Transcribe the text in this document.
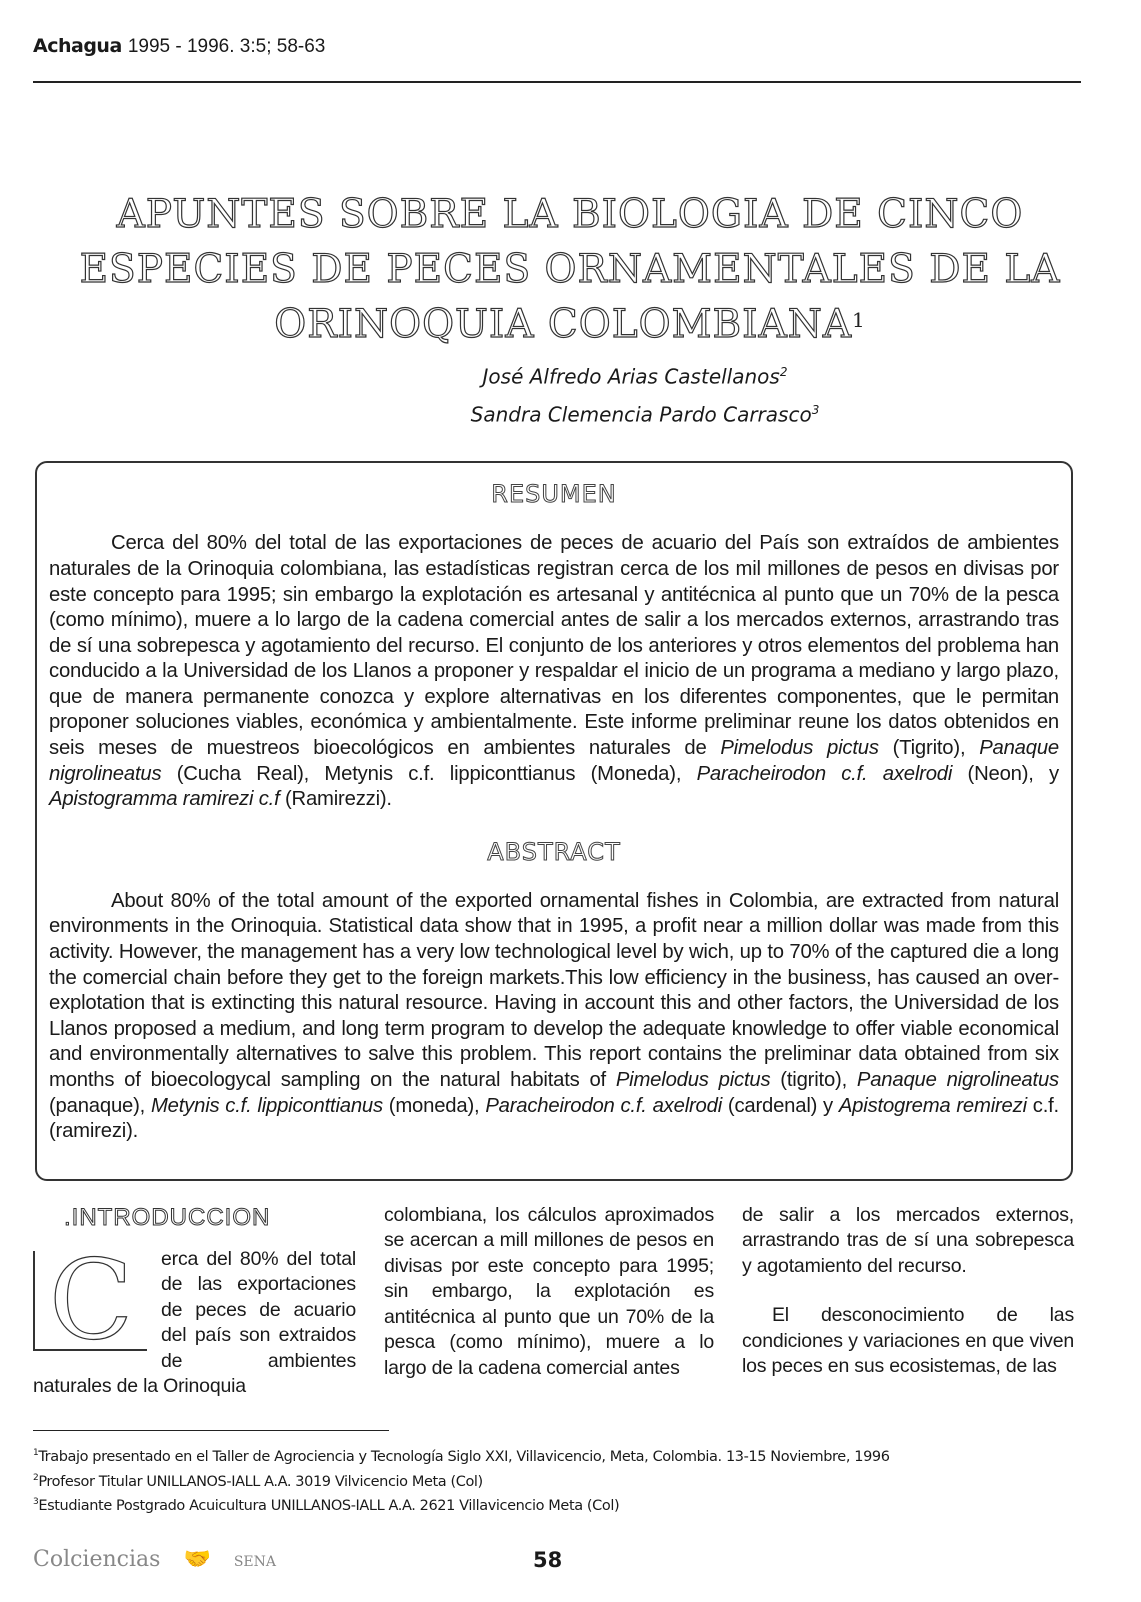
Achagua 1995 - 1996. 3:5; 58-63
APUNTES SOBRE LA BIOLOGIA DE CINCO
ESPECIES DE PECES ORNAMENTALES DE LA
ORINOQUIA COLOMBIANA$^1$
José Alfredo Arias Castellanos$^2$
Sandra Clemencia Pardo Carrasco$^3$
RESUMEN
Cerca del 80% del total de las exportaciones de peces de acuario del País son extraídos de ambientes naturales de la Orinoquia colombiana, las estadísticas registran cerca de los mil millones de pesos en divisas por este concepto para 1995; sin embargo la explotación es artesanal y antitécnica al punto que un 70% de la pesca (como mínimo), muere a lo largo de la cadena comercial antes de salir a los mercados externos, arrastrando tras de sí una sobrepesca y agotamiento del recurso. El conjunto de los anteriores y otros elementos del problema han conducido a la Universidad de los Llanos a proponer y respaldar el inicio de un programa a mediano y largo plazo, que de manera permanente conozca y explore alternativas en los diferentes componentes, que le permitan proponer soluciones viables, económica y ambientalmente. Este informe preliminar reune los datos obtenidos en seis meses de muestreos bioecológicos en ambientes naturales de Pimelodus pictus (Tigrito), Panaque nigrolineatus (Cucha Real), Metynis c.f. lippiconttianus (Moneda), Paracheirodon c.f. axelrodi (Neon), y Apistogramma ramirezi c.f (Ramirezzi).
ABSTRACT
About 80% of the total amount of the exported ornamental fishes in Colombia, are extracted from natural environments in the Orinoquia. Statistical data show that in 1995, a profit near a million dollar was made from this activity. However, the management has a very low technological level by wich, up to 70% of the captured die a long the comercial chain before they get to the foreign markets.This low efficiency in the business, has caused an over-explotation that is extincting this natural resource. Having in account this and other factors, the Universidad de los Llanos proposed a medium, and long term program to develop the adequate knowledge to offer viable economical and environmentally alternatives to salve this problem. This report contains the preliminar data obtained from six months of bioecologycal sampling on the natural habitats of Pimelodus pictus (tigrito), Panaque nigrolineatus (panaque), Metynis c.f. lippiconttianus (moneda), Paracheirodon c.f. axelrodi (cardenal) y Apistogrema remirezi c.f. (ramirezi).
.INTRODUCCION
C erca del 80% del total de las exportaciones de peces de acuario del país son extraidos de	ambientes naturales de la Orinoquia
colombiana, los cálculos aproximados se acercan a mill millones de pesos en divisas por este concepto para 1995; sin embargo, la explotación es antitécnica al punto que un 70% de la pesca (como mínimo), muere a lo largo de la cadena comercial antes

de salir a los mercados externos, arrastrando tras de sí una sobrepesca y agotamiento del recurso.

El desconocimiento de las condiciones y variaciones en que viven los peces en sus ecosistemas, de las

$^1$Trabajo presentado en el Taller de Agrociencia y Tecnología Siglo XXI, Villavicencio, Meta, Colombia. 13-15 Noviembre, 1996
$^2$Profesor Titular UNILLANOS-IALL A.A. 3019 Vilvicencio Meta (Col)
$^3$Estudiante Postgrado Acuicultura UNILLANOS-IALL A.A. 2621 Villavicencio Meta (Col)
Colciencias 🤝 SENA	58
